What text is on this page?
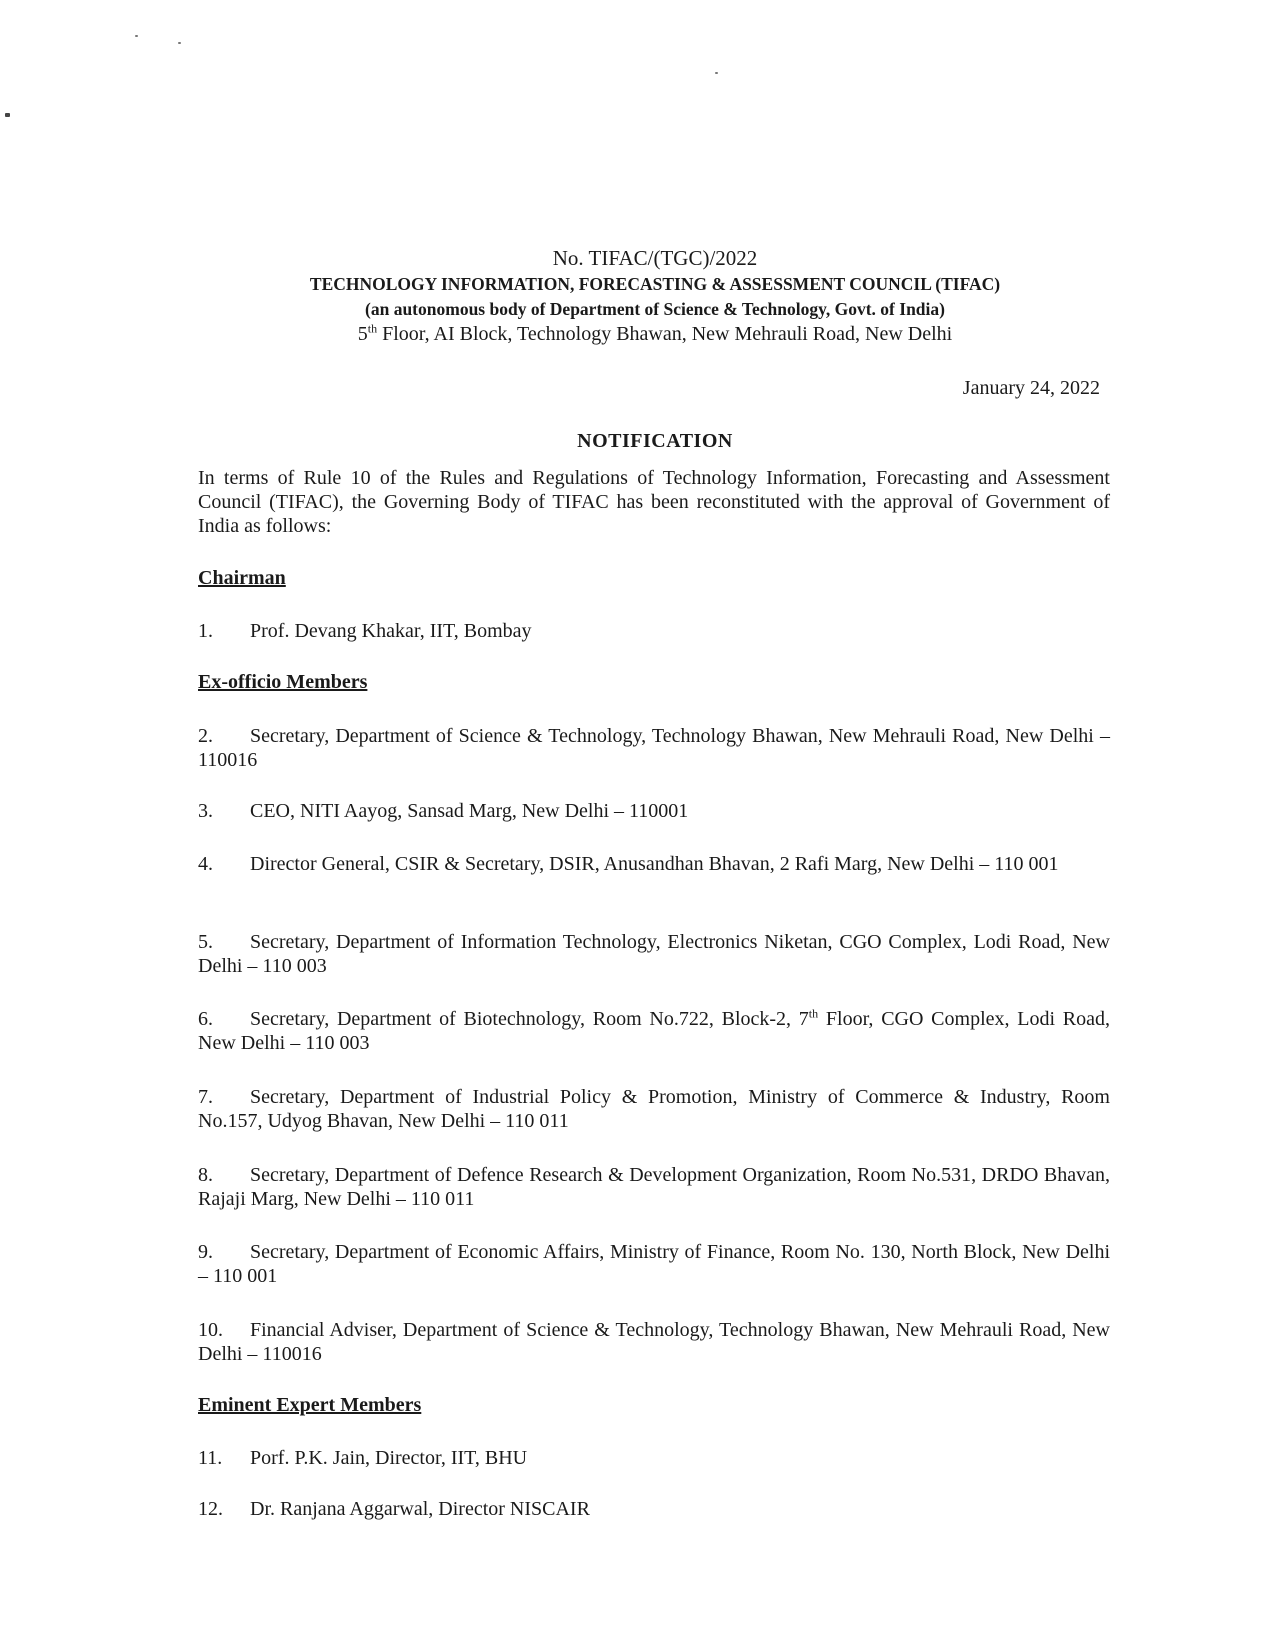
No. TIFAC/(TGC)/2022
TECHNOLOGY INFORMATION, FORECASTING & ASSESSMENT COUNCIL (TIFAC)
(an autonomous body of Department of Science & Technology, Govt. of India)
5th Floor, AI Block, Technology Bhawan, New Mehrauli Road, New Delhi
January 24, 2022
NOTIFICATION
In terms of Rule 10 of the Rules and Regulations of Technology Information, Forecasting and Assessment Council (TIFAC), the Governing Body of TIFAC has been reconstituted with the approval of Government of India as follows:
Chairman
1. Prof. Devang Khakar, IIT, Bombay
Ex-officio Members
2. Secretary, Department of Science & Technology, Technology Bhawan, New Mehrauli Road, New Delhi – 110016
3. CEO, NITI Aayog, Sansad Marg, New Delhi – 110001
4. Director General, CSIR & Secretary, DSIR, Anusandhan Bhavan, 2 Rafi Marg, New Delhi – 110 001
5. Secretary, Department of Information Technology, Electronics Niketan, CGO Complex, Lodi Road, New Delhi – 110 003
6. Secretary, Department of Biotechnology, Room No.722, Block-2, 7th Floor, CGO Complex, Lodi Road, New Delhi – 110 003
7. Secretary, Department of Industrial Policy & Promotion, Ministry of Commerce & Industry, Room No.157, Udyog Bhavan, New Delhi – 110 011
8. Secretary, Department of Defence Research & Development Organization, Room No.531, DRDO Bhavan, Rajaji Marg, New Delhi – 110 011
9. Secretary, Department of Economic Affairs, Ministry of Finance, Room No. 130, North Block, New Delhi – 110 001
10. Financial Adviser, Department of Science & Technology, Technology Bhawan, New Mehrauli Road, New Delhi – 110016
Eminent Expert Members
11. Porf. P.K. Jain, Director, IIT, BHU
12. Dr. Ranjana Aggarwal, Director NISCAIR
